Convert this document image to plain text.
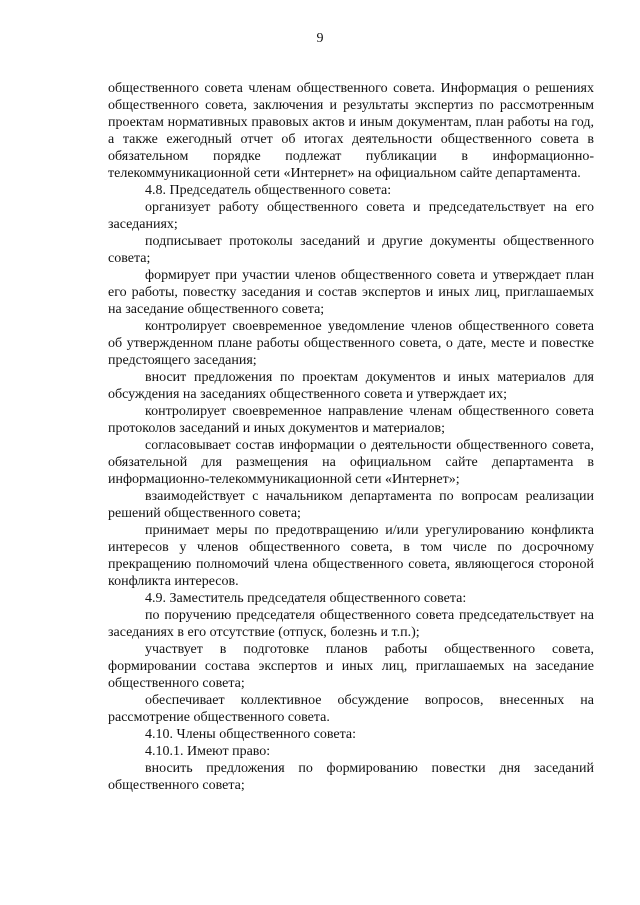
9

общественного совета членам общественного совета. Информация о решениях общественного совета, заключения и результаты экспертиз по рассмотренным проектам нормативных правовых актов и иным документам, план работы на год, а также ежегодный отчет об итогах деятельности общественного совета в обязательном порядке подлежат публикации в информационно-телекоммуникационной сети «Интернет» на официальном сайте департамента.

4.8. Председатель общественного совета:

организует работу общественного совета и председательствует на его заседаниях;

подписывает протоколы заседаний и другие документы общественного совета;

формирует при участии членов общественного совета и утверждает план его работы, повестку заседания и состав экспертов и иных лиц, приглашаемых на заседание общественного совета;

контролирует своевременное уведомление членов общественного совета об утвержденном плане работы общественного совета, о дате, месте и повестке предстоящего заседания;

вносит предложения по проектам документов и иных материалов для обсуждения на заседаниях общественного совета и утверждает их;

контролирует своевременное направление членам общественного совета протоколов заседаний и иных документов и материалов;

согласовывает состав информации о деятельности общественного совета, обязательной для размещения на официальном сайте департамента в информационно-телекоммуникационной сети «Интернет»;

взаимодействует с начальником департамента по вопросам реализации решений общественного совета;

принимает меры по предотвращению и/или урегулированию конфликта интересов у членов общественного совета, в том числе по досрочному прекращению полномочий члена общественного совета, являющегося стороной конфликта интересов.

4.9. Заместитель председателя общественного совета:

по поручению председателя общественного совета председательствует на заседаниях в его отсутствие (отпуск, болезнь и т.п.);

участвует в подготовке планов работы общественного совета, формировании состава экспертов и иных лиц, приглашаемых на заседание общественного совета;

обеспечивает коллективное обсуждение вопросов, внесенных на рассмотрение общественного совета.

4.10. Члены общественного совета:

4.10.1. Имеют право:

вносить предложения по формированию повестки дня заседаний общественного совета;
